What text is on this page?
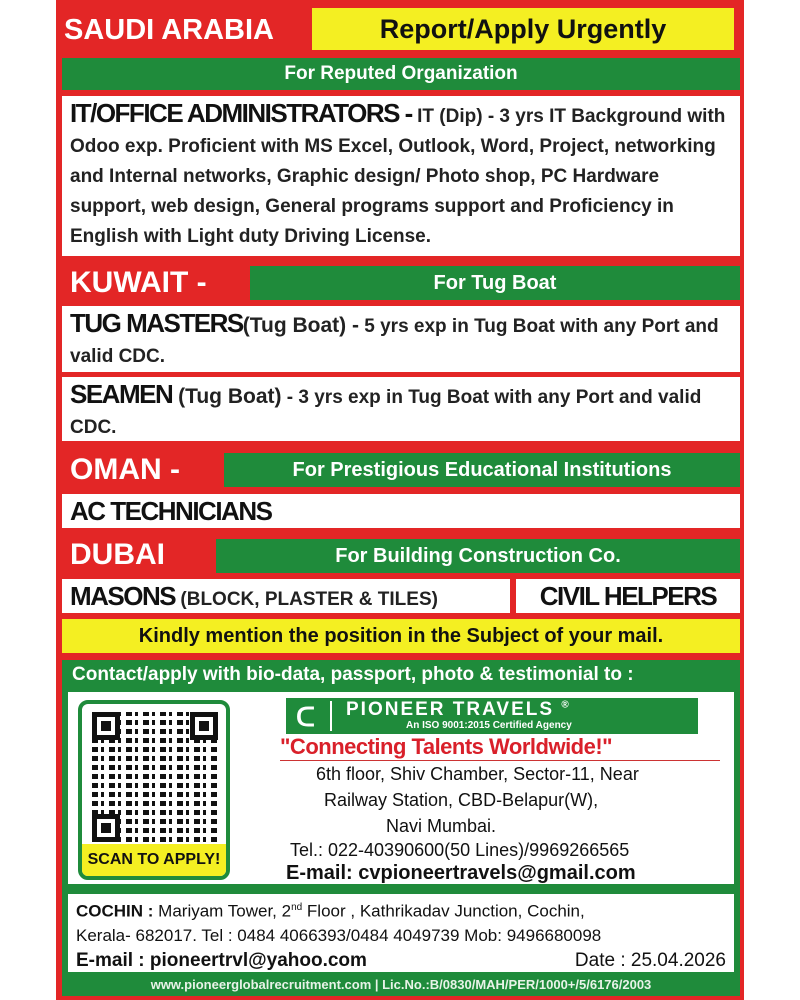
SAUDI ARABIA	Report/Apply Urgently
For Reputed Organization
IT/OFFICE ADMINISTRATORS - IT (Dip) - 3 yrs IT Background with Odoo exp. Proficient with MS Excel, Outlook, Word, Project, networking and Internal networks, Graphic design/ Photo shop, PC Hardware support, web design, General programs support and Proficiency in English with Light duty Driving License.
KUWAIT -	For Tug Boat
TUG MASTERS(Tug Boat) - 5 yrs exp in Tug Boat with any Port and valid CDC.
SEAMEN (Tug Boat) - 3 yrs exp in Tug Boat with any Port and valid CDC.
OMAN -	For Prestigious Educational Institutions
AC TECHNICIANS
DUBAI	For Building Construction Co.
MASONS (BLOCK, PLASTER & TILES)	CIVIL HELPERS
Kindly mention the position in the Subject of your mail.
Contact/apply with bio-data, passport, photo & testimonial to :
SCAN TO APPLY!
ᑕ PIONEER TRAVELS ®
An ISO 9001:2015 Certified Agency
"Connecting Talents Worldwide!"
6th floor, Shiv Chamber, Sector-11, Near
Railway Station, CBD-Belapur(W),
Navi Mumbai.
Tel.: 022-40390600(50 Lines)/9969266565
E-mail: cvpioneertravels@gmail.com
COCHIN : Mariyam Tower, 2nd Floor , Kathrikadav Junction, Cochin,
Kerala- 682017. Tel : 0484 4066393/0484 4049739 Mob: 9496680098
E-mail : pioneertrvl@yahoo.com	Date : 25.04.2026
www.pioneerglobalrecruitment.com | Lic.No.:B/0830/MAH/PER/1000+/5/6176/2003
